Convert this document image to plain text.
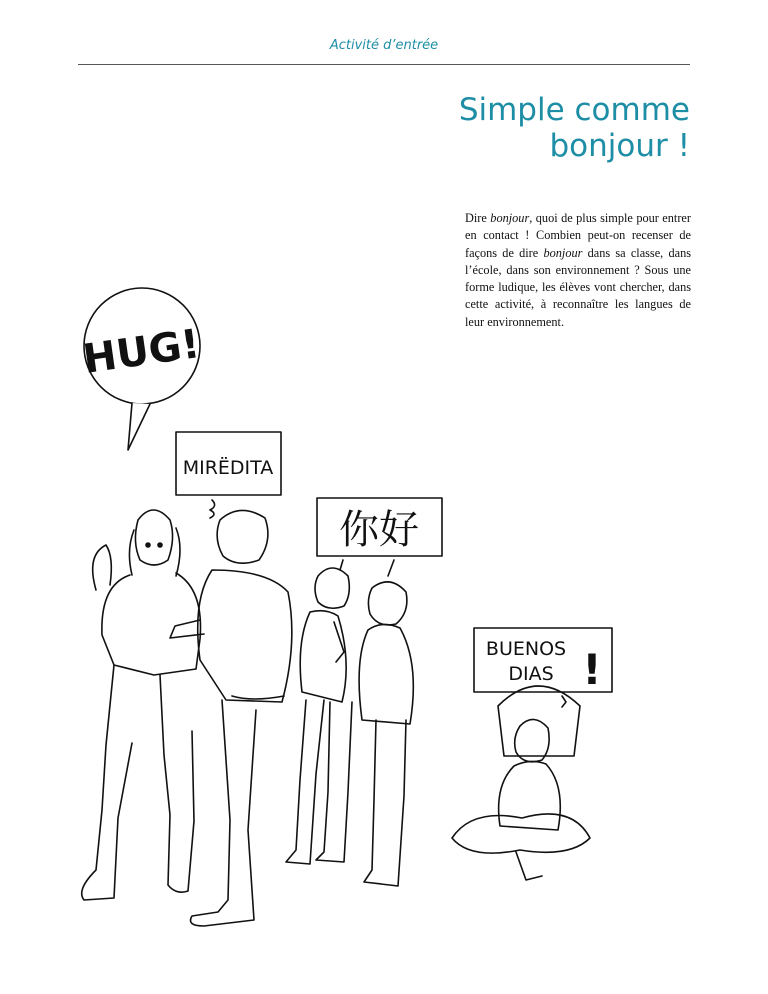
Activité d’entrée
Simple comme
bonjour !
Dire bonjour, quoi de plus simple pour entrer en contact ! Combien peut-on recenser de façons de dire bonjour dans sa classe, dans l’école, dans son environnement ? Sous une forme ludique, les élèves vont chercher, dans cette activité, à reconnaître les langues de leur environnement.
HUG!
MIRËDITA
你好
BUENOS
DIAS !
